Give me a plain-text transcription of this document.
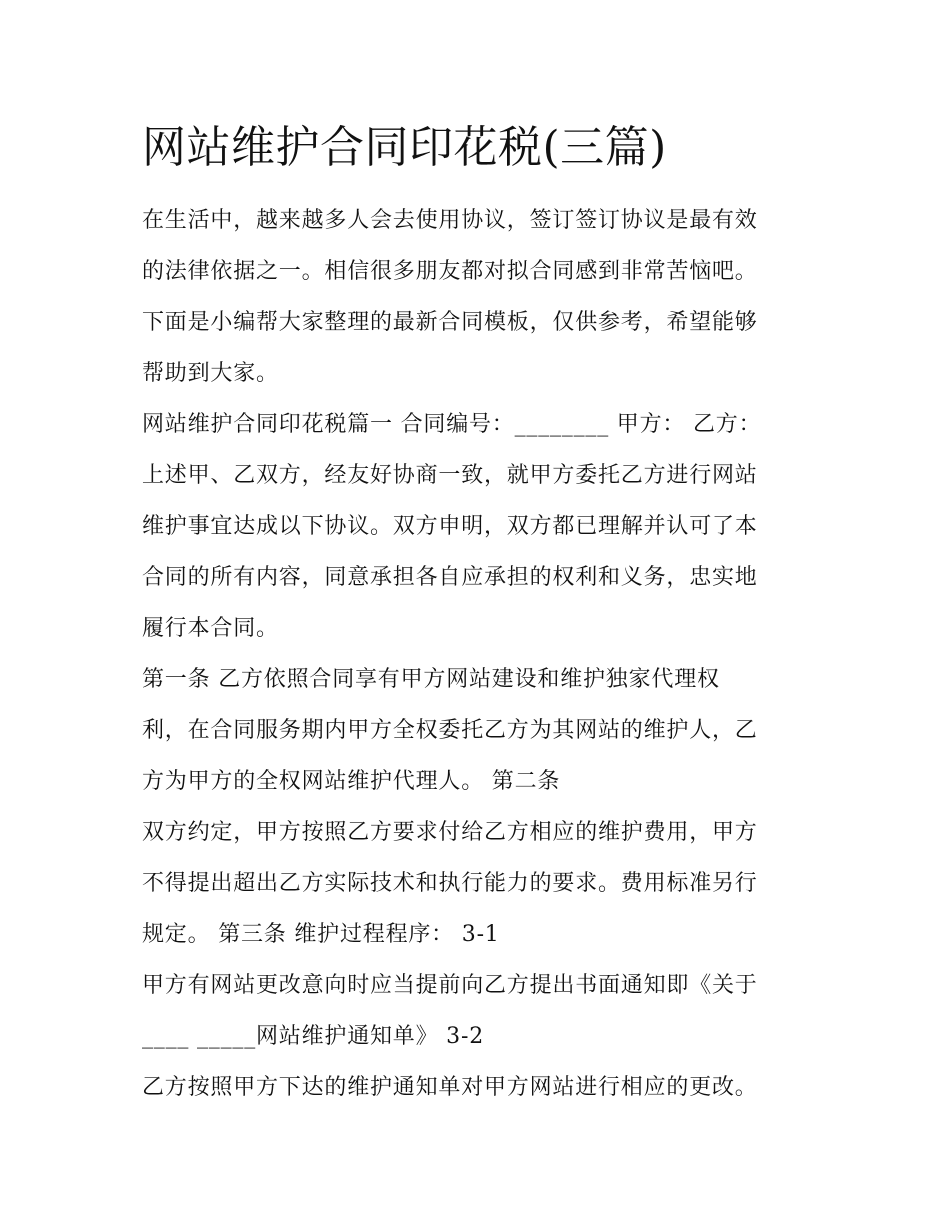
网站维护合同印花税(三篇)
在生活中，越来越多人会去使用协议，签订签订协议是最有效
的法律依据之一。相信很多朋友都对拟合同感到非常苦恼吧。
下面是小编帮大家整理的最新合同模板，仅供参考，希望能够
帮助到大家。
网站维护合同印花税篇一 合同编号：________ 甲方： 乙方：
上述甲、乙双方，经友好协商一致，就甲方委托乙方进行网站
维护事宜达成以下协议。双方申明，双方都已理解并认可了本
合同的所有内容，同意承担各自应承担的权利和义务，忠实地
履行本合同。
第一条 乙方依照合同享有甲方网站建设和维护独家代理权
利，在合同服务期内甲方全权委托乙方为其网站的维护人，乙
方为甲方的全权网站维护代理人。 第二条
双方约定，甲方按照乙方要求付给乙方相应的维护费用，甲方
不得提出超出乙方实际技术和执行能力的要求。费用标准另行
规定。 第三条 维护过程程序： 3-1
甲方有网站更改意向时应当提前向乙方提出书面通知即《关于
____ _____网站维护通知单》 3-2
乙方按照甲方下达的维护通知单对甲方网站进行相应的更改。
